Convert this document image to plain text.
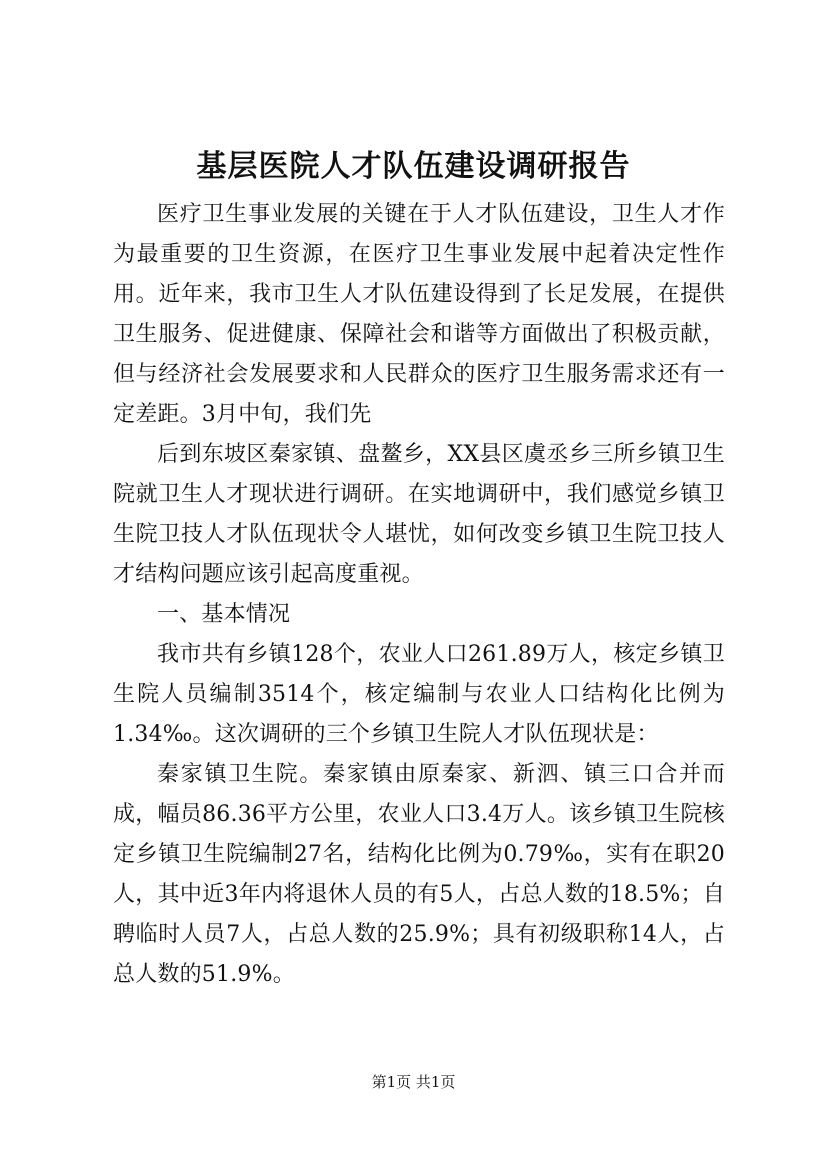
基层医院人才队伍建设调研报告

医疗卫生事业发展的关键在于人才队伍建设，卫生人才作为最重要的卫生资源，在医疗卫生事业发展中起着决定性作用。近年来，我市卫生人才队伍建设得到了长足发展，在提供卫生服务、促进健康、保障社会和谐等方面做出了积极贡献，但与经济社会发展要求和人民群众的医疗卫生服务需求还有一定差距。3月中旬，我们先

后到东坡区秦家镇、盘鳌乡，XX县区虞丞乡三所乡镇卫生院就卫生人才现状进行调研。在实地调研中，我们感觉乡镇卫生院卫技人才队伍现状令人堪忧，如何改变乡镇卫生院卫技人才结构问题应该引起高度重视。

一、基本情况

我市共有乡镇128个，农业人口261.89万人，核定乡镇卫生院人员编制3514个，核定编制与农业人口结构化比例为1.34‰。这次调研的三个乡镇卫生院人才队伍现状是：

秦家镇卫生院。秦家镇由原秦家、新泗、镇三口合并而成，幅员86.36平方公里，农业人口3.4万人。该乡镇卫生院核定乡镇卫生院编制27名，结构化比例为0.79‰，实有在职20人，其中近3年内将退休人员的有5人，占总人数的18.5%；自聘临时人员7人，占总人数的25.9%；具有初级职称14人，占总人数的51.9%。

第1页 共1页
